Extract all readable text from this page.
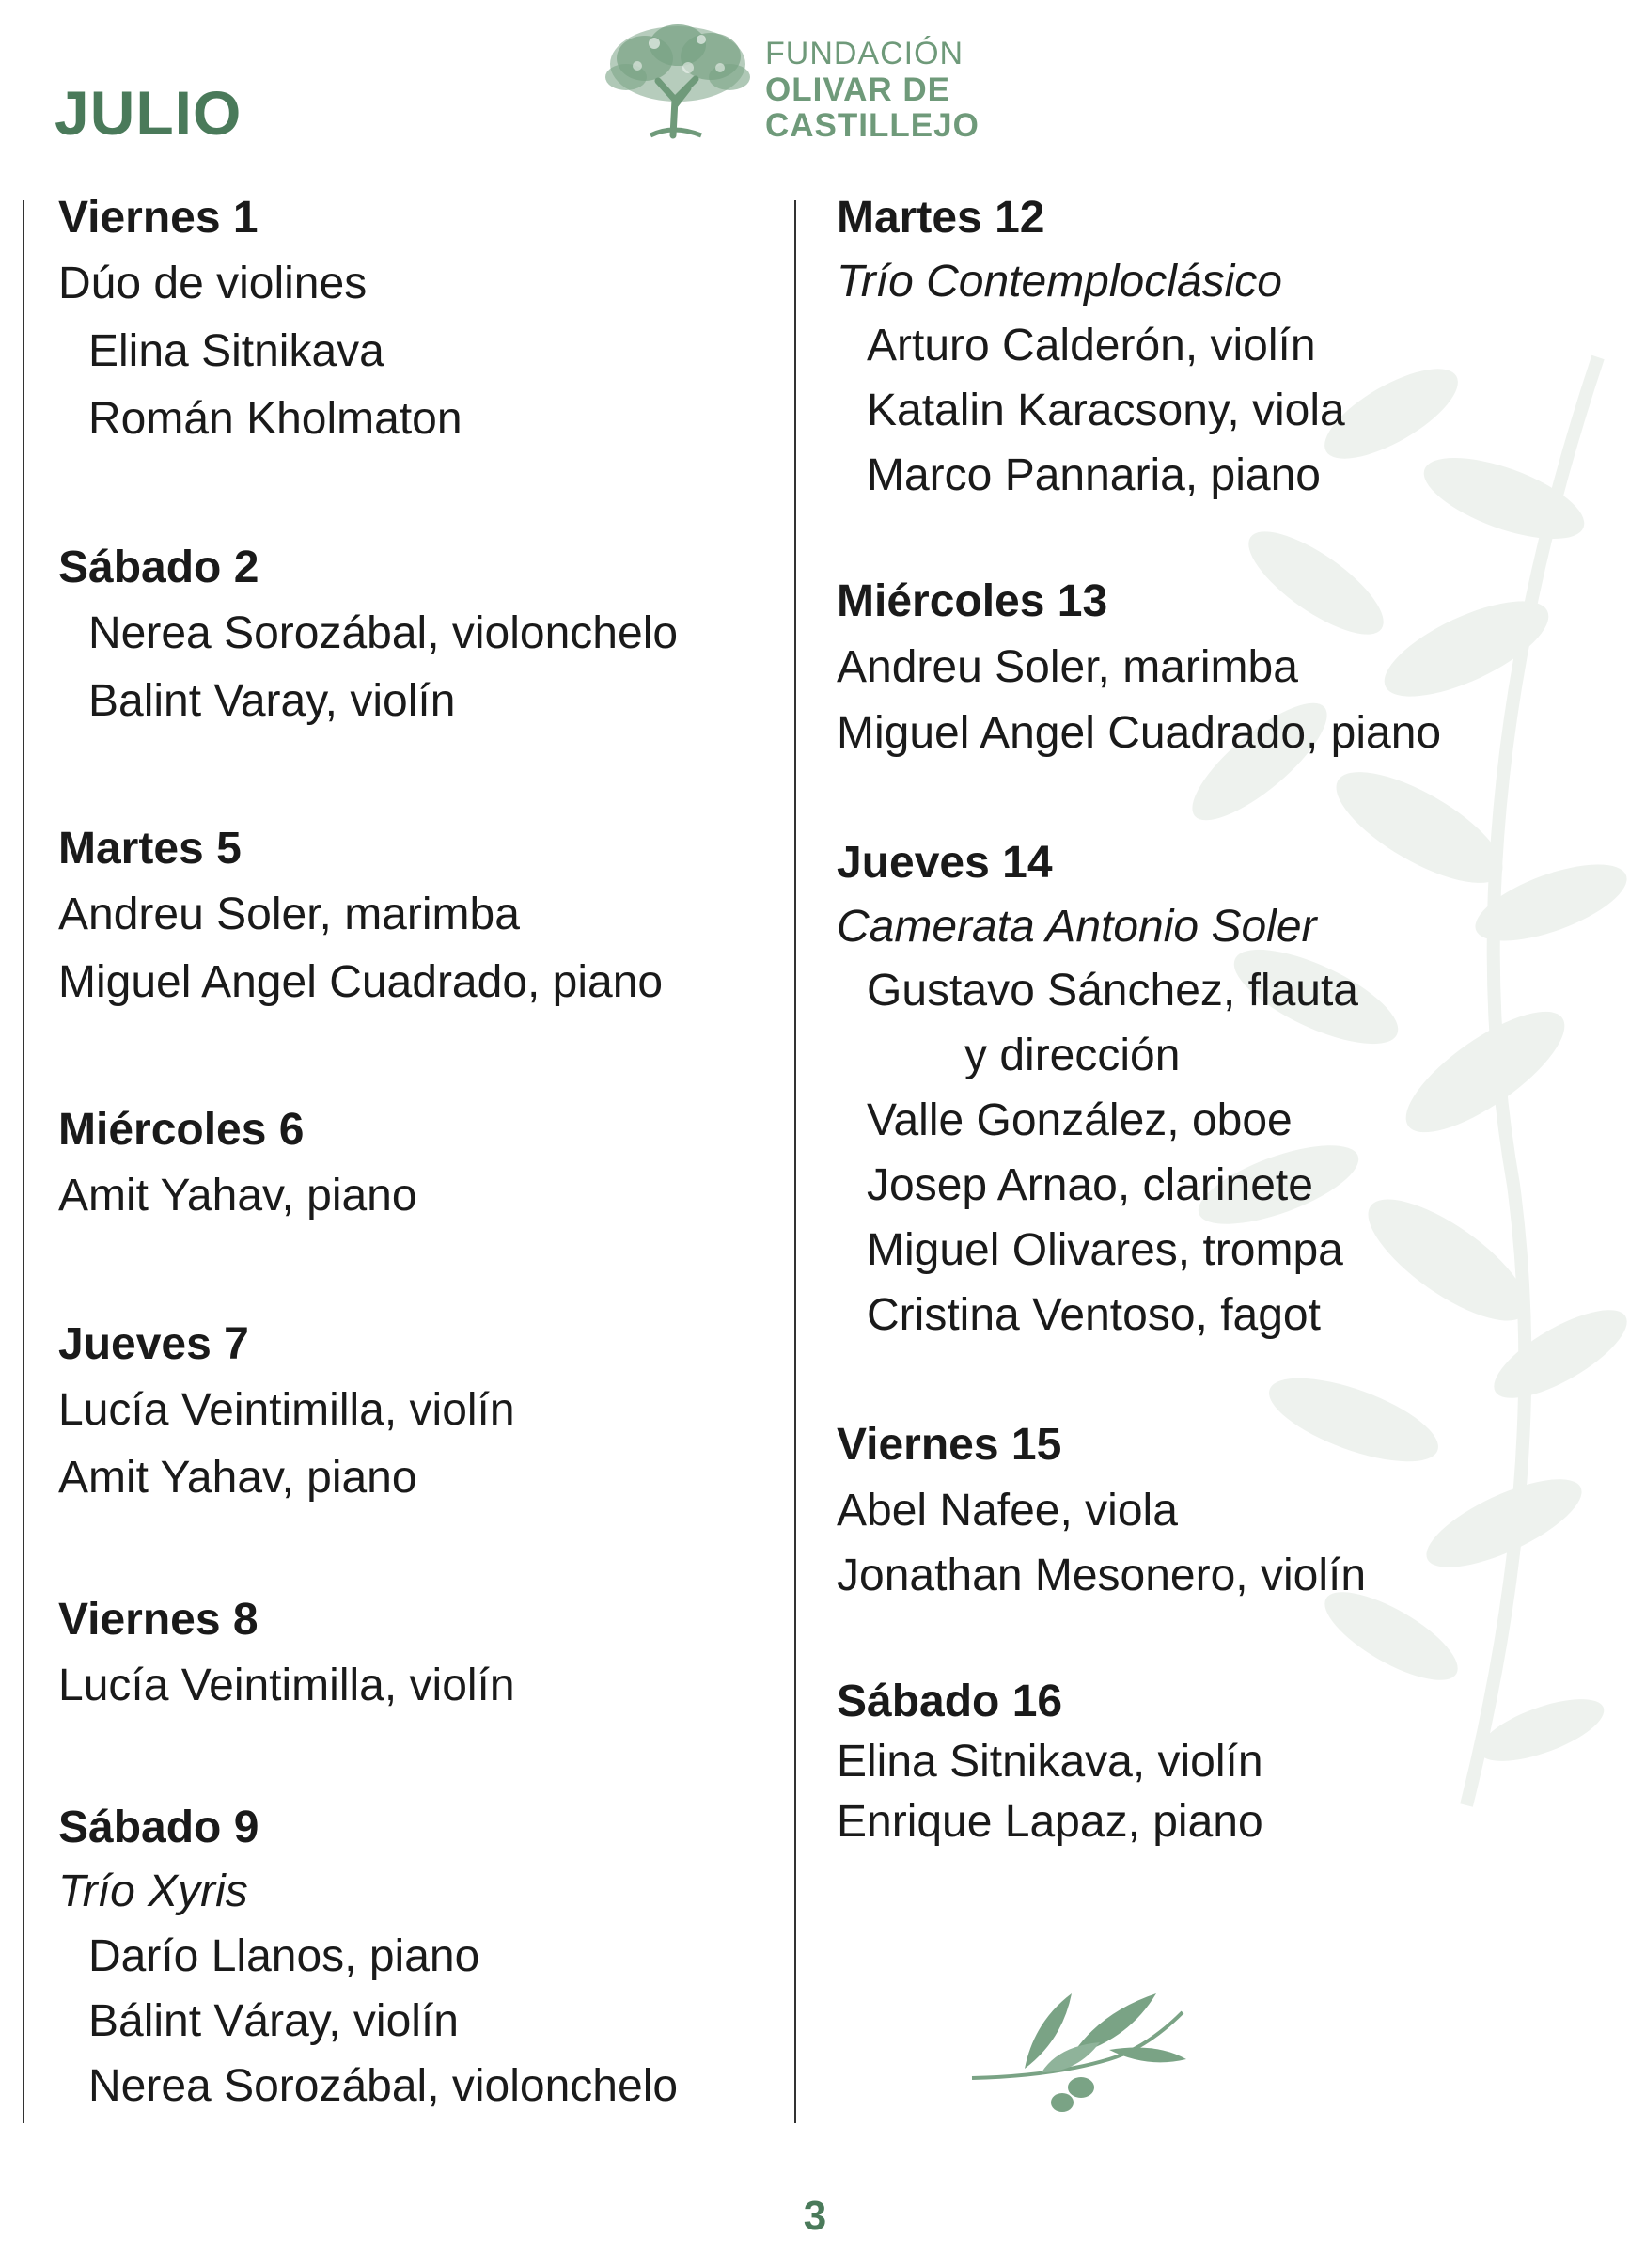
JULIO
FUNDACIÓN
OLIVAR DE
CASTILLEJO
Viernes 1
Dúo de violines
Elina Sitnikava
Román Kholmaton
Sábado 2
Nerea Sorozábal, violonchelo
Balint Varay, violín
Martes 5
Andreu Soler, marimba
Miguel Angel Cuadrado, piano
Miércoles 6
Amit Yahav, piano
Jueves 7
Lucía Veintimilla, violín
Amit Yahav, piano
Viernes 8
Lucía Veintimilla, violín
Sábado 9
Trío Xyris
Darío Llanos, piano
Bálint Váray, violín
Nerea Sorozábal, violonchelo
Martes 12
Trío Contemploclásico
Arturo Calderón, violín
Katalin Karacsony, viola
Marco Pannaria, piano
Miércoles 13
Andreu Soler, marimba
Miguel Angel Cuadrado, piano
Jueves 14
Camerata Antonio Soler
Gustavo Sánchez, flauta
y dirección
Valle González, oboe
Josep Arnao, clarinete
Miguel Olivares, trompa
Cristina Ventoso, fagot
Viernes 15
Abel Nafee, viola
Jonathan Mesonero, violín
Sábado 16
Elina Sitnikava, violín
Enrique Lapaz, piano
3
